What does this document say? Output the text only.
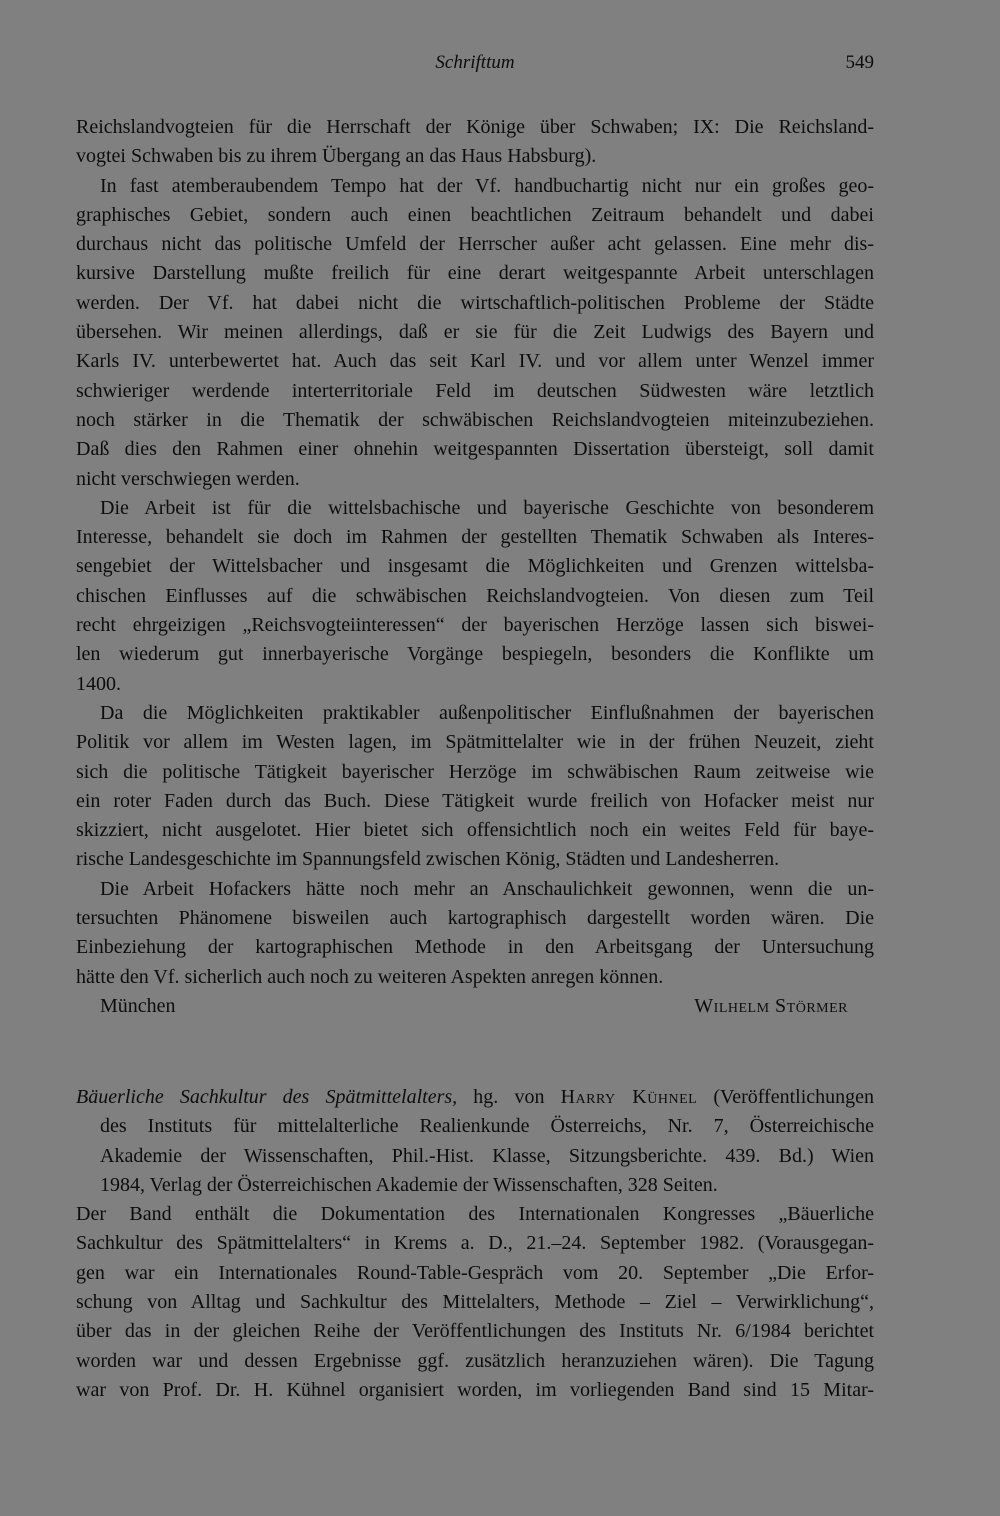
Schrifttum	549
Reichslandvogteien für die Herrschaft der Könige über Schwaben; IX: Die Reichsland-
vogtei Schwaben bis zu ihrem Übergang an das Haus Habsburg).
In fast atemberaubendem Tempo hat der Vf. handbuchartig nicht nur ein großes geo-
graphisches Gebiet, sondern auch einen beachtlichen Zeitraum behandelt und dabei
durchaus nicht das politische Umfeld der Herrscher außer acht gelassen. Eine mehr dis-
kursive Darstellung mußte freilich für eine derart weitgespannte Arbeit unterschlagen
werden. Der Vf. hat dabei nicht die wirtschaftlich-politischen Probleme der Städte
übersehen. Wir meinen allerdings, daß er sie für die Zeit Ludwigs des Bayern und
Karls IV. unterbewertet hat. Auch das seit Karl IV. und vor allem unter Wenzel immer
schwieriger werdende interterritoriale Feld im deutschen Südwesten wäre letztlich
noch stärker in die Thematik der schwäbischen Reichslandvogteien miteinzubeziehen.
Daß dies den Rahmen einer ohnehin weitgespannten Dissertation übersteigt, soll damit
nicht verschwiegen werden.
Die Arbeit ist für die wittelsbachische und bayerische Geschichte von besonderem
Interesse, behandelt sie doch im Rahmen der gestellten Thematik Schwaben als Interes-
sengebiet der Wittelsbacher und insgesamt die Möglichkeiten und Grenzen wittelsba-
chischen Einflusses auf die schwäbischen Reichslandvogteien. Von diesen zum Teil
recht ehrgeizigen „Reichsvogteiinteressen“ der bayerischen Herzöge lassen sich biswei-
len wiederum gut innerbayerische Vorgänge bespiegeln, besonders die Konflikte um
1400.
Da die Möglichkeiten praktikabler außenpolitischer Einflußnahmen der bayerischen
Politik vor allem im Westen lagen, im Spätmittelalter wie in der frühen Neuzeit, zieht
sich die politische Tätigkeit bayerischer Herzöge im schwäbischen Raum zeitweise wie
ein roter Faden durch das Buch. Diese Tätigkeit wurde freilich von Hofacker meist nur
skizziert, nicht ausgelotet. Hier bietet sich offensichtlich noch ein weites Feld für baye-
rische Landesgeschichte im Spannungsfeld zwischen König, Städten und Landesherren.
Die Arbeit Hofackers hätte noch mehr an Anschaulichkeit gewonnen, wenn die un-
tersuchten Phänomene bisweilen auch kartographisch dargestellt worden wären. Die
Einbeziehung der kartographischen Methode in den Arbeitsgang der Untersuchung
hätte den Vf. sicherlich auch noch zu weiteren Aspekten anregen können.
München	Wilhelm Störmer
Bäuerliche Sachkultur des Spätmittelalters, hg. von Harry Kühnel (Veröffentlichungen
des Instituts für mittelalterliche Realienkunde Österreichs, Nr. 7, Österreichische
Akademie der Wissenschaften, Phil.-Hist. Klasse, Sitzungsberichte. 439. Bd.) Wien
1984, Verlag der Österreichischen Akademie der Wissenschaften, 328 Seiten.
Der Band enthält die Dokumentation des Internationalen Kongresses „Bäuerliche
Sachkultur des Spätmittelalters“ in Krems a. D., 21.–24. September 1982. (Vorausgegan-
gen war ein Internationales Round-Table-Gespräch vom 20. September „Die Erfor-
schung von Alltag und Sachkultur des Mittelalters, Methode – Ziel – Verwirklichung“,
über das in der gleichen Reihe der Veröffentlichungen des Instituts Nr. 6/1984 berichtet
worden war und dessen Ergebnisse ggf. zusätzlich heranzuziehen wären). Die Tagung
war von Prof. Dr. H. Kühnel organisiert worden, im vorliegenden Band sind 15 Mitar-
